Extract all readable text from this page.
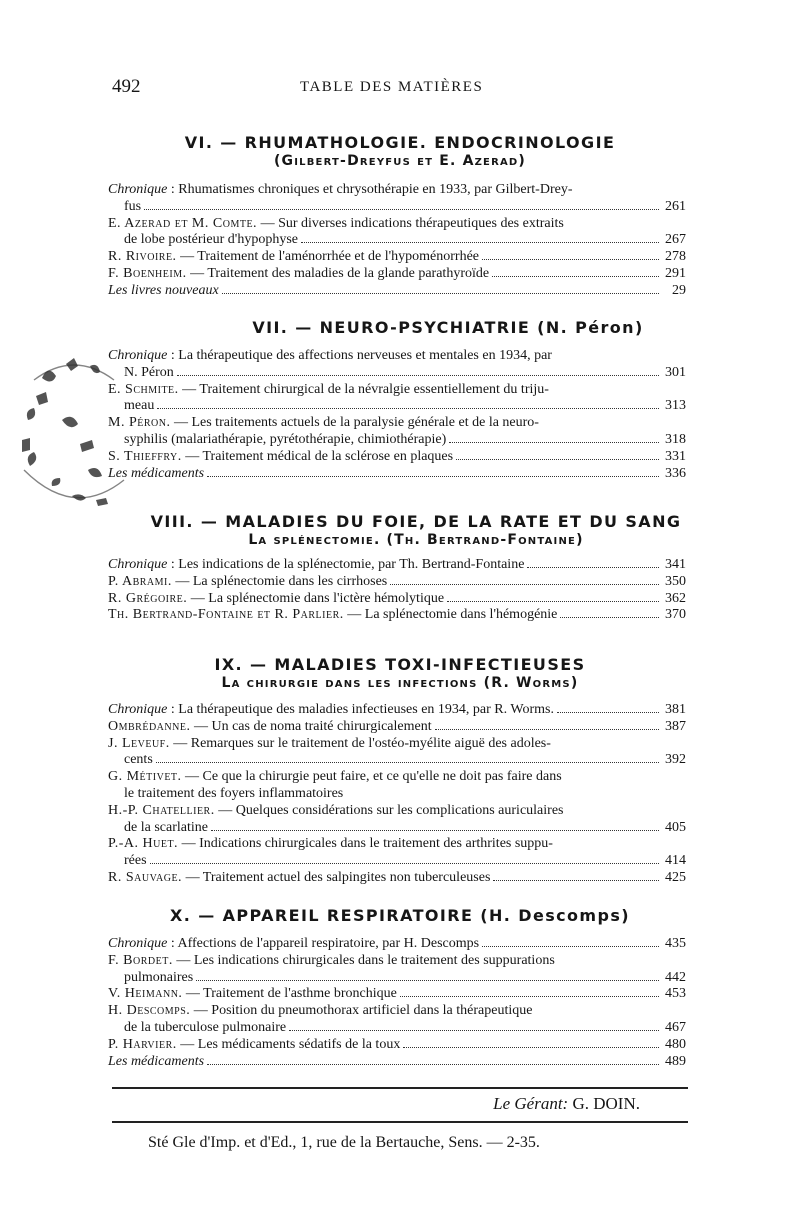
492	TABLE DES MATIÈRES
VI. — RHUMATHOLOGIE. ENDOCRINOLOGIE
(Gilbert-Dreyfus et E. Azerad)
Chronique : Rhumatismes chroniques et chrysothérapie en 1933, par Gilbert-Drey-
fus	261
E. Azerad et M. Comte. — Sur diverses indications thérapeutiques des extraits
de lobe postérieur d'hypophyse	267
R. Rivoire. — Traitement de l'aménorrhée et de l'hypoménorrhée	278
F. Boenheim. — Traitement des maladies de la glande parathyroïde	291
Les livres nouveaux	29
VII. — NEURO-PSYCHIATRIE (N. Péron)
Chronique : La thérapeutique des affections nerveuses et mentales en 1934, par
N. Péron	301
E. Schmite. — Traitement chirurgical de la névralgie essentiellement du triju-
meau	313
M. Péron. — Les traitements actuels de la paralysie générale et de la neuro-
syphilis (malariathérapie, pyrétothérapie, chimiothérapie)	318
S. Thieffry. — Traitement médical de la sclérose en plaques	331
Les médicaments	336
VIII. — MALADIES DU FOIE, DE LA RATE ET DU SANG
La splénectomie. (Th. Bertrand-Fontaine)
Chronique : Les indications de la splénectomie, par Th. Bertrand-Fontaine	341
P. Abrami. — La splénectomie dans les cirrhoses	350
R. Grégoire. — La splénectomie dans l'ictère hémolytique	362
Th. Bertrand-Fontaine et R. Parlier. — La splénectomie dans l'hémogénie	370
IX. — MALADIES TOXI-INFECTIEUSES
La chirurgie dans les infections (R. Worms)
Chronique : La thérapeutique des maladies infectieuses en 1934, par R. Worms.	381
Ombrédanne. — Un cas de noma traité chirurgicalement	387
J. Leveuf. — Remarques sur le traitement de l'ostéo-myélite aiguë des adoles-
cents	392
G. Métivet. — Ce que la chirurgie peut faire, et ce qu'elle ne doit pas faire dans
le traitement des foyers inflammatoires
H.-P. Chatellier. — Quelques considérations sur les complications auriculaires
de la scarlatine	405
P.-A. Huet. — Indications chirurgicales dans le traitement des arthrites suppu-
rées	414
R. Sauvage. — Traitement actuel des salpingites non tuberculeuses	425
X. — APPAREIL RESPIRATOIRE (H. Descomps)
Chronique : Affections de l'appareil respiratoire, par H. Descomps	435
F. Bordet. — Les indications chirurgicales dans le traitement des suppurations
pulmonaires	442
V. Heimann. — Traitement de l'asthme bronchique	453
H. Descomps. — Position du pneumothorax artificiel dans la thérapeutique
de la tuberculose pulmonaire	467
P. Harvier. — Les médicaments sédatifs de la toux	480
Les médicaments	489
Le Gérant: G. DOIN.
Sté Gle d'Imp. et d'Ed., 1, rue de la Bertauche, Sens. — 2-35.
